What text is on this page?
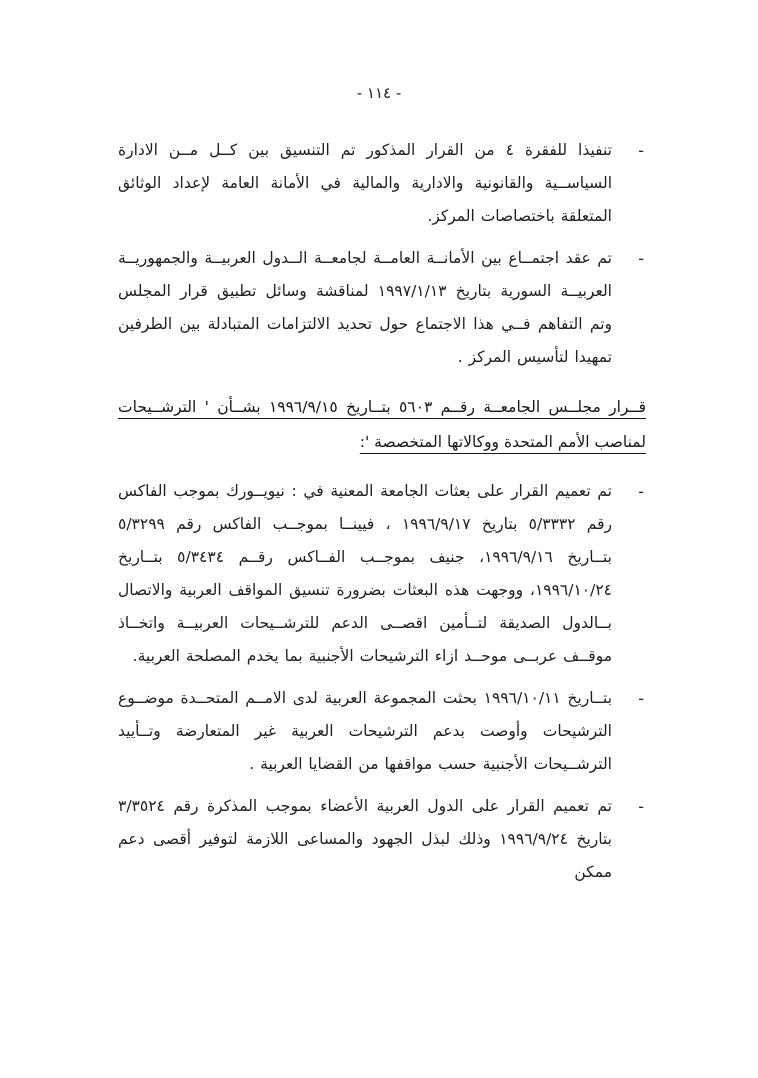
- ١١٤ -
-

تنفيذا للفقرة ٤ من القرار المذكور تم التنسيق بين كــل مــن الادارة السياســية والقانونية والادارية والمالية في الأمانة العامة لإعداد الوثائق المتعلقة باختصاصات المركز.

-

تم عقد اجتمــاع بين الأمانــة العامــة لجامعــة الــدول العربيــة والجمهوريــة العربيــة السورية بتاريخ ١٩٩٧/١/١٣ لمناقشة وسائل تطبيق قرار المجلس وتم التفاهم فــي هذا الاجتماع حول تحديد الالتزامات المتبادلة بين الطرفين تمهيدا لتأسيس المركز .

قــرار مجلــس الجامعــة رقــم ٥٦٠٣ بتــاريخ ١٩٩٦/٩/١٥ بشــأن ' الترشــيحات
لمناصب الأمم المتحدة ووكالاتها المتخصصة ':
-

تم تعميم القرار على بعثات الجامعة المعنية في : نيويــورك بموجب الفاكس رقم ٥/٣٣٣٢ بتاريخ ١٩٩٦/٩/١٧ ، فيينــا بموجــب الفاكس رقم ٥/٣٢٩٩ بتــاريخ ١٩٩٦/٩/١٦، جنيف بموجــب الفــاكس رقــم ٥/٣٤٣٤ بتــاريخ ١٩٩٦/١٠/٢٤، ووجهت هذه البعثات بضرورة تنسيق المواقف العربية والاتصال بــالدول الصديقة لتــأمين اقصــى الدعم للترشــيحات العربيــة واتخــاذ موقــف عربــى موحــد ازاء الترشيحات الأجنبية بما يخدم المصلحة العربية.

-

بتــاريخ ١٩٩٦/١٠/١١ بحثت المجموعة العربية لدى الامــم المتحــدة موضــوع الترشيحات وأوصت بدعم الترشيحات العربية غير المتعارضة وتــأييد الترشــيحات الأجنبية حسب مواقفها من القضايا العربية .

-

تم تعميم القرار على الدول العربية الأعضاء بموجب المذكرة رقم ٣/٣٥٢٤ بتاريخ ١٩٩٦/٩/٢٤ وذلك لبذل الجهود والمساعى اللازمة لتوفير أقصى دعم ممكن
